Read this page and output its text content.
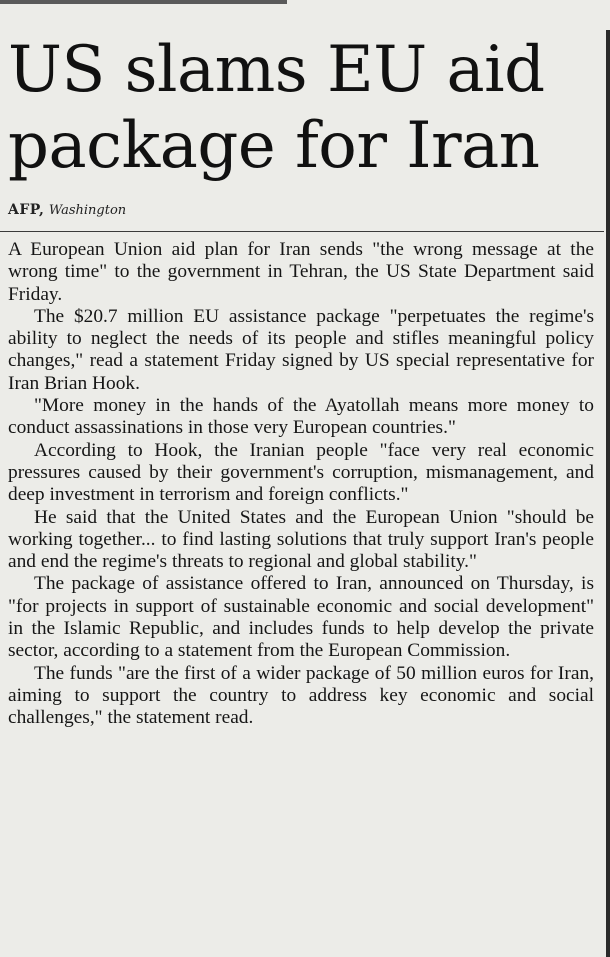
US slams EU aid package for Iran
AFP, Washington

A European Union aid plan for Iran sends "the wrong message at the wrong time" to the government in Tehran, the US State Department said Friday.

The $20.7 million EU assistance package "perpetuates the regime's ability to neglect the needs of its people and stifles meaningful policy changes," read a statement Friday signed by US special representative for Iran Brian Hook.

"More money in the hands of the Ayatollah means more money to conduct assassinations in those very European countries."

According to Hook, the Iranian people "face very real economic pressures caused by their government's corruption, mismanagement, and deep investment in terrorism and foreign conflicts."

He said that the United States and the European Union "should be working together... to find lasting solutions that truly support Iran's people and end the regime's threats to regional and global stability."

The package of assistance offered to Iran, announced on Thursday, is "for projects in support of sustainable economic and social development" in the Islamic Republic, and includes funds to help develop the private sector, according to a statement from the European Commission.

The funds "are the first of a wider package of 50 million euros for Iran, aiming to support the country to address key economic and social challenges," the statement read.
